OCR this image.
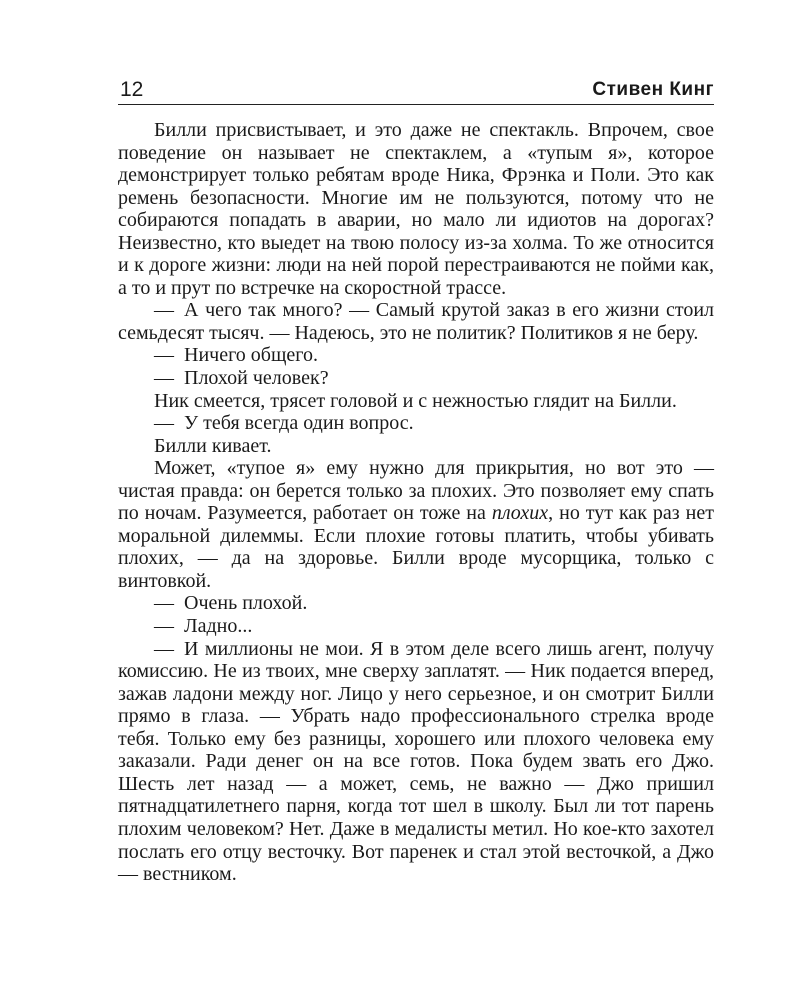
12	Стивен Кинг

Билли присвистывает, и это даже не спектакль. Впрочем, свое поведение он называет не спектаклем, а «тупым я», которое демонстрирует только ребятам вроде Ника, Фрэнка и Поли. Это как ремень безопасности. Многие им не пользуются, потому что не собираются попадать в аварии, но мало ли идиотов на дорогах? Неизвестно, кто выедет на твою полосу из-за холма. То же относится и к дороге жизни: люди на ней порой перестраиваются не пойми как, а то и прут по встречке на скоростной трассе.

— А чего так много? — Самый крутой заказ в его жизни стоил семьдесят тысяч. — Надеюсь, это не политик? Политиков я не беру.

— Ничего общего.

— Плохой человек?

Ник смеется, трясет головой и с нежностью глядит на Билли.

— У тебя всегда один вопрос.

Билли кивает.

Может, «тупое я» ему нужно для прикрытия, но вот это — чистая правда: он берется только за плохих. Это позволяет ему спать по ночам. Разумеется, работает он тоже на плохих, но тут как раз нет моральной дилеммы. Если плохие готовы платить, чтобы убивать плохих, — да на здоровье. Билли вроде мусорщика, только с винтовкой.

— Очень плохой.

— Ладно...

— И миллионы не мои. Я в этом деле всего лишь агент, получу комиссию. Не из твоих, мне сверху заплатят. — Ник подается вперед, зажав ладони между ног. Лицо у него серьезное, и он смотрит Билли прямо в глаза. — Убрать надо профессионального стрелка вроде тебя. Только ему без разницы, хорошего или плохого человека ему заказали. Ради денег он на все готов. Пока будем звать его Джо. Шесть лет назад — а может, семь, не важно — Джо пришил пятнадцатилетнего парня, когда тот шел в школу. Был ли тот парень плохим человеком? Нет. Даже в медалисты метил. Но кое-кто захотел послать его отцу весточку. Вот паренек и стал этой весточкой, а Джо — вестником.
